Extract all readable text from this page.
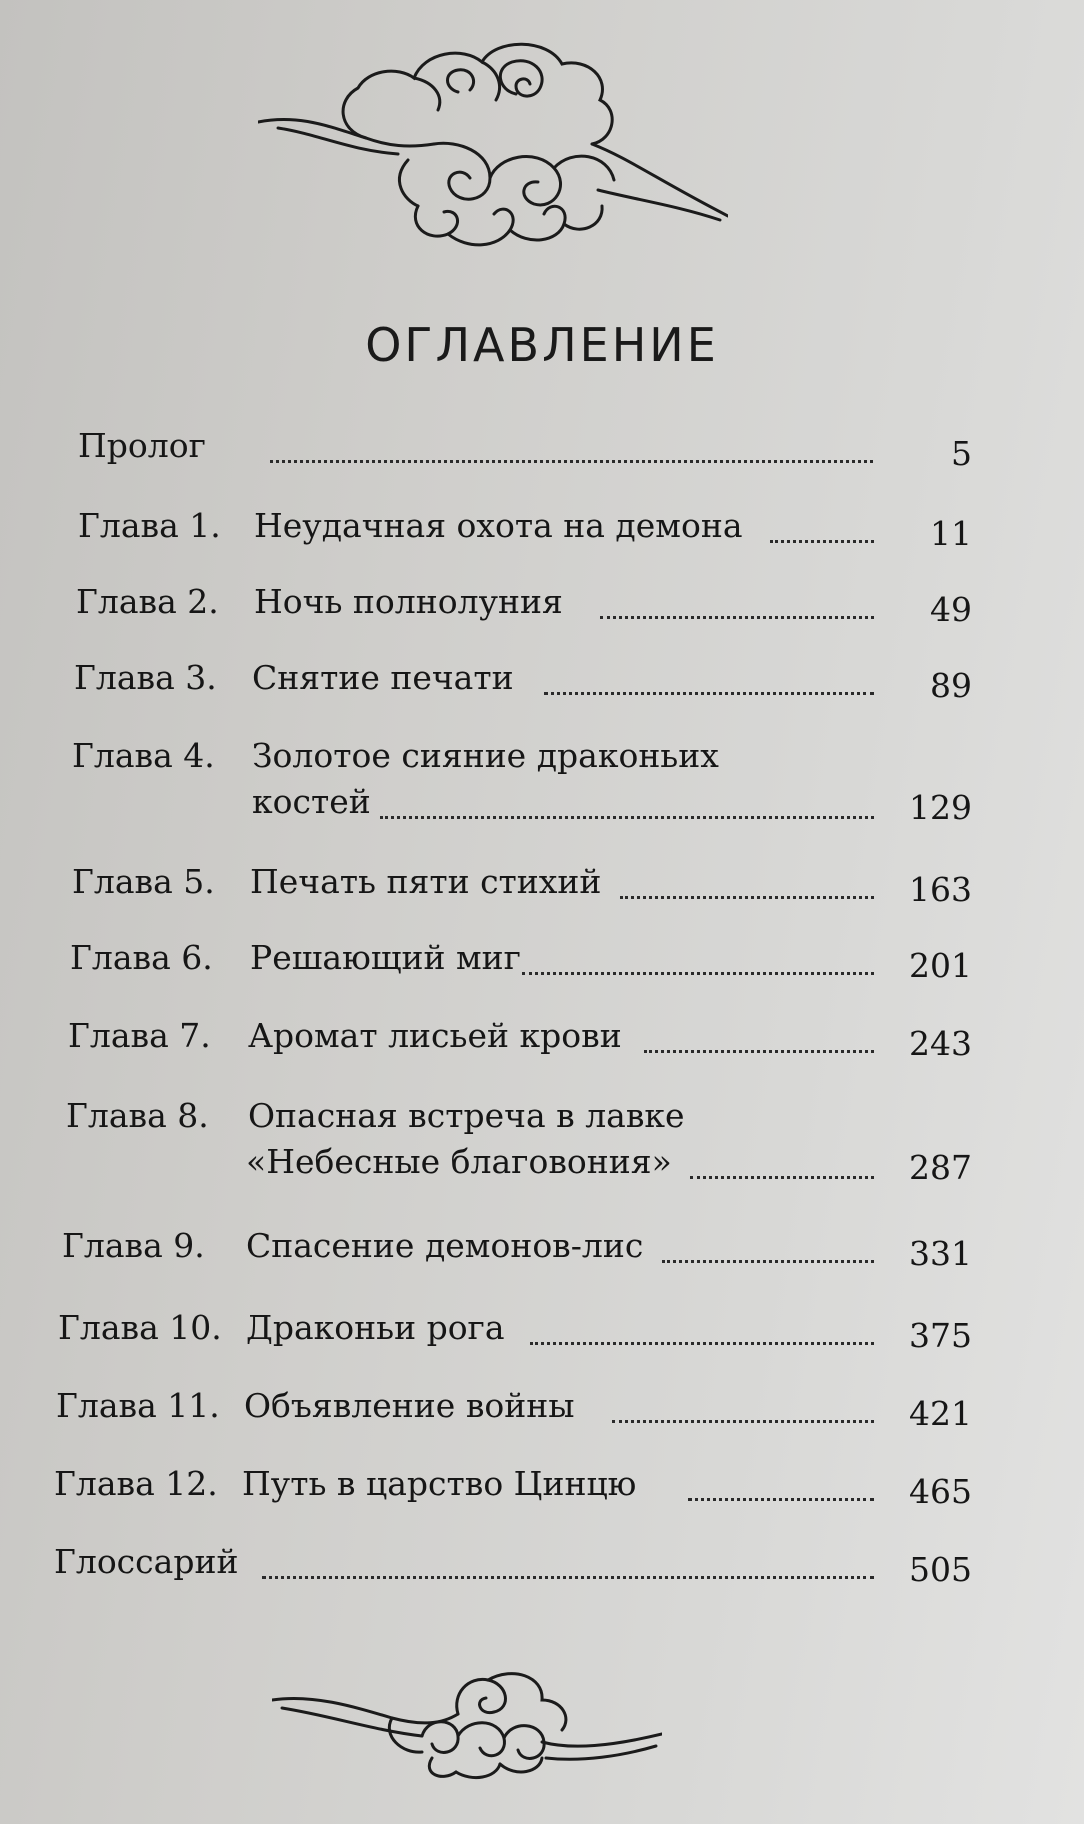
ОГЛАВЛЕНИЕ
Пролог	5
Глава 1. Неудачная охота на демона	11
Глава 2. Ночь полнолуния	49
Глава 3. Снятие печати	89
Глава 4. Золотое сияние драконьих
костей	129
Глава 5. Печать пяти стихий	163
Глава 6. Решающий миг	201
Глава 7. Аромат лисьей крови	243
Глава 8. Опасная встреча в лавке
«Небесные благовония»	287
Глава 9. Спасение демонов-лис	331
Глава 10. Драконьи рога	375
Глава 11. Объявление войны	421
Глава 12. Путь в царство Цинцю	465
Глоссарий	505
